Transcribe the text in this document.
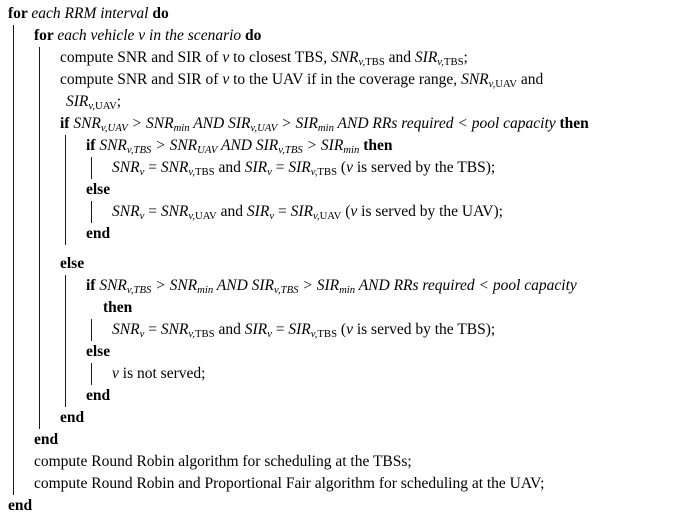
for each RRM interval do
for each vehicle v in the scenario do
compute SNR and SIR of v to closest TBS, SNRv,TBS and SIRv,TBS;
compute SNR and SIR of v to the UAV if in the coverage range, SNRv,UAV and
SIRv,UAV;
if SNRv,UAV > SNRmin AND SIRv,UAV > SIRmin AND RRs required < pool capacity then
if SNRv,TBS > SNRUAV AND SIRv,TBS > SIRmin then
SNRv = SNRv,TBS and SIRv = SIRv,TBS (v is served by the TBS);
else
SNRv = SNRv,UAV and SIRv = SIRv,UAV (v is served by the UAV);
end
else
if SNRv,TBS > SNRmin AND SIRv,TBS > SIRmin AND RRs required < pool capacity
then
SNRv = SNRv,TBS and SIRv = SIRv,TBS (v is served by the TBS);
else
v is not served;
end
end
end
compute Round Robin algorithm for scheduling at the TBSs;
compute Round Robin and Proportional Fair algorithm for scheduling at the UAV;
end
